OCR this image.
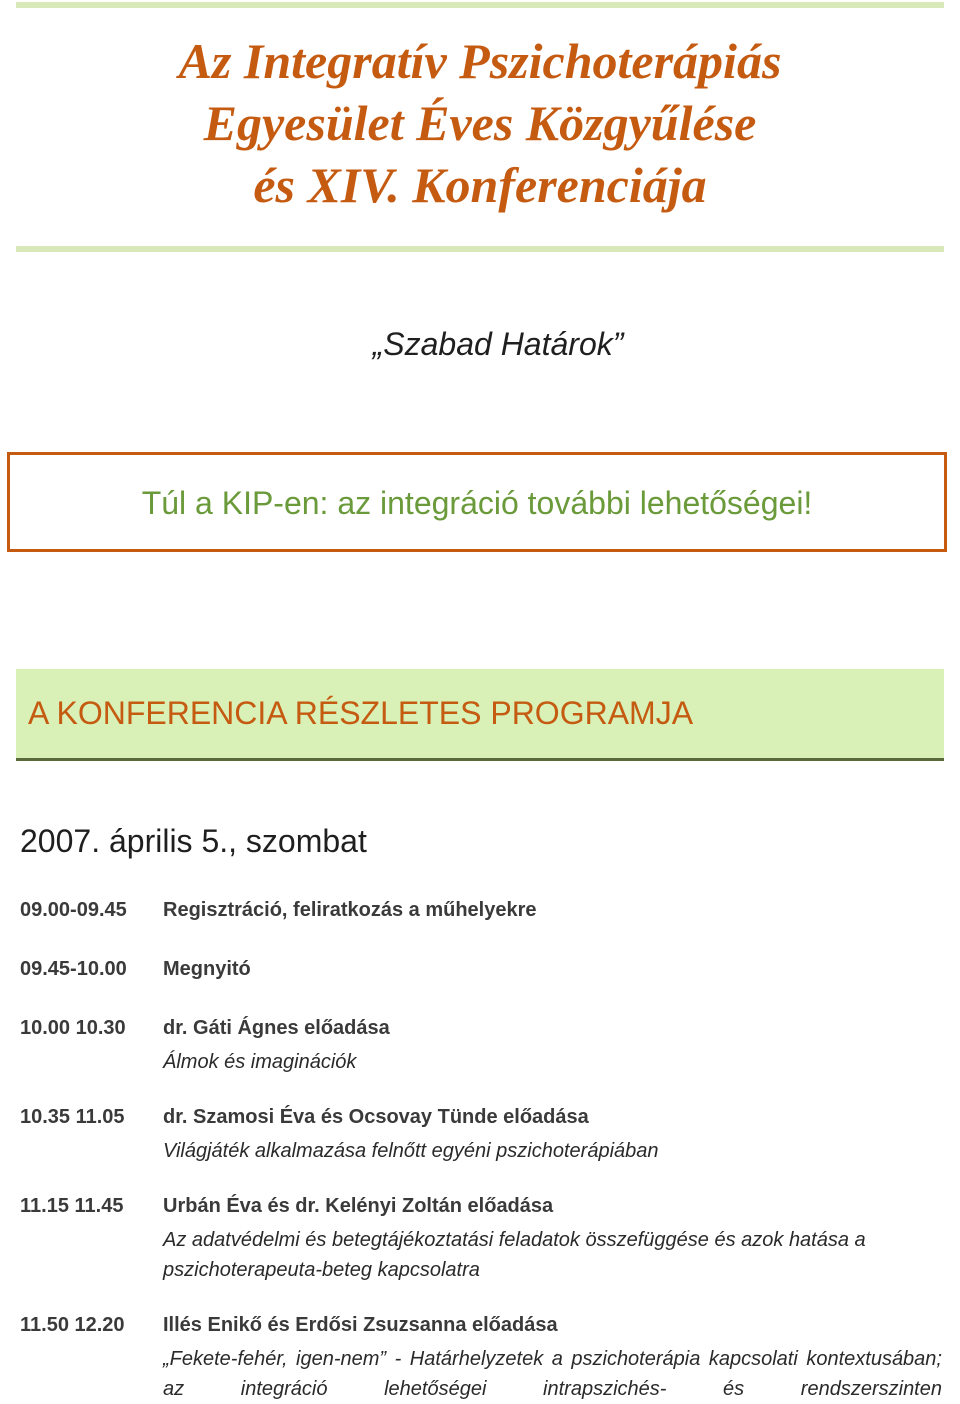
Az Integratív Pszichoterápiás
Egyesület Éves Közgyűlése
és XIV. Konferenciája
„Szabad Határok”
Túl a KIP-en: az integráció további lehetőségei!
A KONFERENCIA RÉSZLETES PROGRAMJA
2007. április 5., szombat
09.00-09.45	Regisztráció, feliratkozás a műhelyekre
09.45-10.00	Megnyitó
10.00 10.30	dr. Gáti Ágnes előadása
Álmok és imaginációk
10.35 11.05	dr. Szamosi Éva és Ocsovay Tünde előadása
Világjáték alkalmazása felnőtt egyéni pszichoterápiában
11.15 11.45	Urbán Éva és dr. Kelényi Zoltán előadása
Az adatvédelmi és betegtájékoztatási feladatok összefüggése és azok hatása a pszichoterapeuta-beteg kapcsolatra
11.50 12.20	Illés Enikő és Erdősi Zsuzsanna előadása
„Fekete-fehér, igen-nem” - Határhelyzetek a pszichoterápia kapcsolati kontextusában; az integráció lehetőségei intrapszichés- és rendszerszinten
